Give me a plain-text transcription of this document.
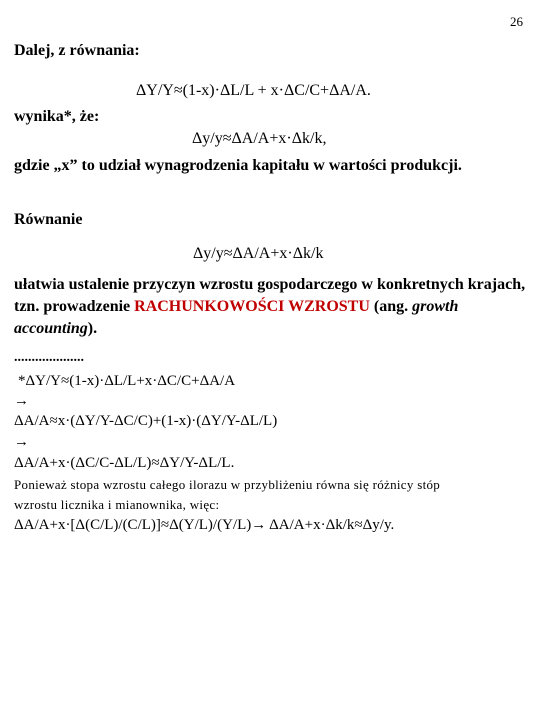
26
Dalej, z równania:
ΔY/Y≈(1-x)·ΔL/L + x·ΔC/C+ΔA/A.
wynika*, że:
Δy/y≈ΔA/A+x·Δk/k,
gdzie „x” to udział wynagrodzenia kapitału w wartości produkcji.
Równanie
Δy/y≈ΔA/A+x·Δk/k
ułatwia ustalenie przyczyn wzrostu gospodarczego w konkretnych krajach, tzn. prowadzenie RACHUNKOWOŚCI WZROSTU (ang. growth accounting).
....................
*ΔY/Y≈(1-x)·ΔL/L+x·ΔC/C+ΔA/A
→
ΔA/A≈x·(ΔY/Y-ΔC/C)+(1-x)·(ΔY/Y-ΔL/L)
→
ΔA/A+x·(ΔC/C-ΔL/L)≈ΔY/Y-ΔL/L.
Ponieważ stopa wzrostu całego ilorazu w przybliżeniu równa się różnicy stóp
wzrostu licznika i mianownika, więc:
ΔA/A+x·[Δ(C/L)/(C/L)]≈Δ(Y/L)/(Y/L)→ ΔA/A+x·Δk/k≈Δy/y.
